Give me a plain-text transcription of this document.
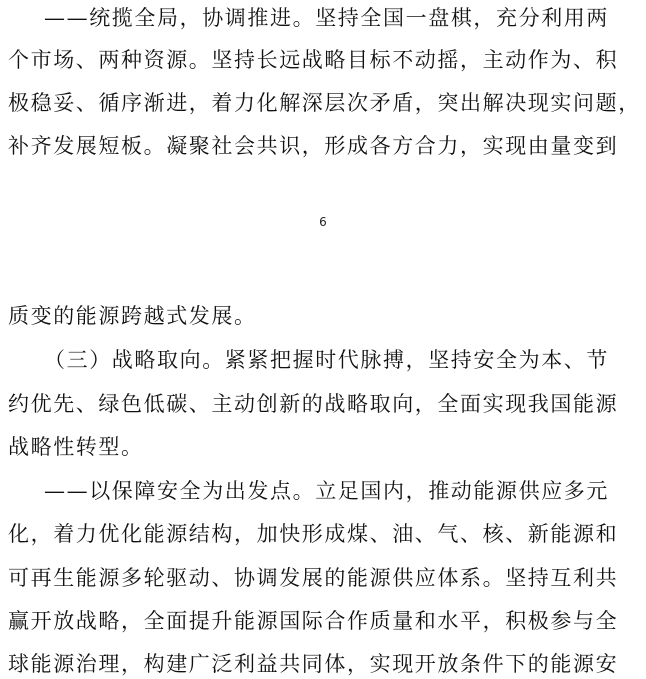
——统揽全局，协调推进。坚持全国一盘棋，充分利用两
个市场、两种资源。坚持长远战略目标不动摇，主动作为、积
极稳妥、循序渐进，着力化解深层次矛盾，突出解决现实问题，
补齐发展短板。凝聚社会共识，形成各方合力，实现由量变到
6
质变的能源跨越式发展。
（三）战略取向。紧紧把握时代脉搏，坚持安全为本、节
约优先、绿色低碳、主动创新的战略取向，全面实现我国能源
战略性转型。
——以保障安全为出发点。立足国内，推动能源供应多元
化，着力优化能源结构，加快形成煤、油、气、核、新能源和
可再生能源多轮驱动、协调发展的能源供应体系。坚持互利共
赢开放战略，全面提升能源国际合作质量和水平，积极参与全
球能源治理，构建广泛利益共同体，实现开放条件下的能源安
